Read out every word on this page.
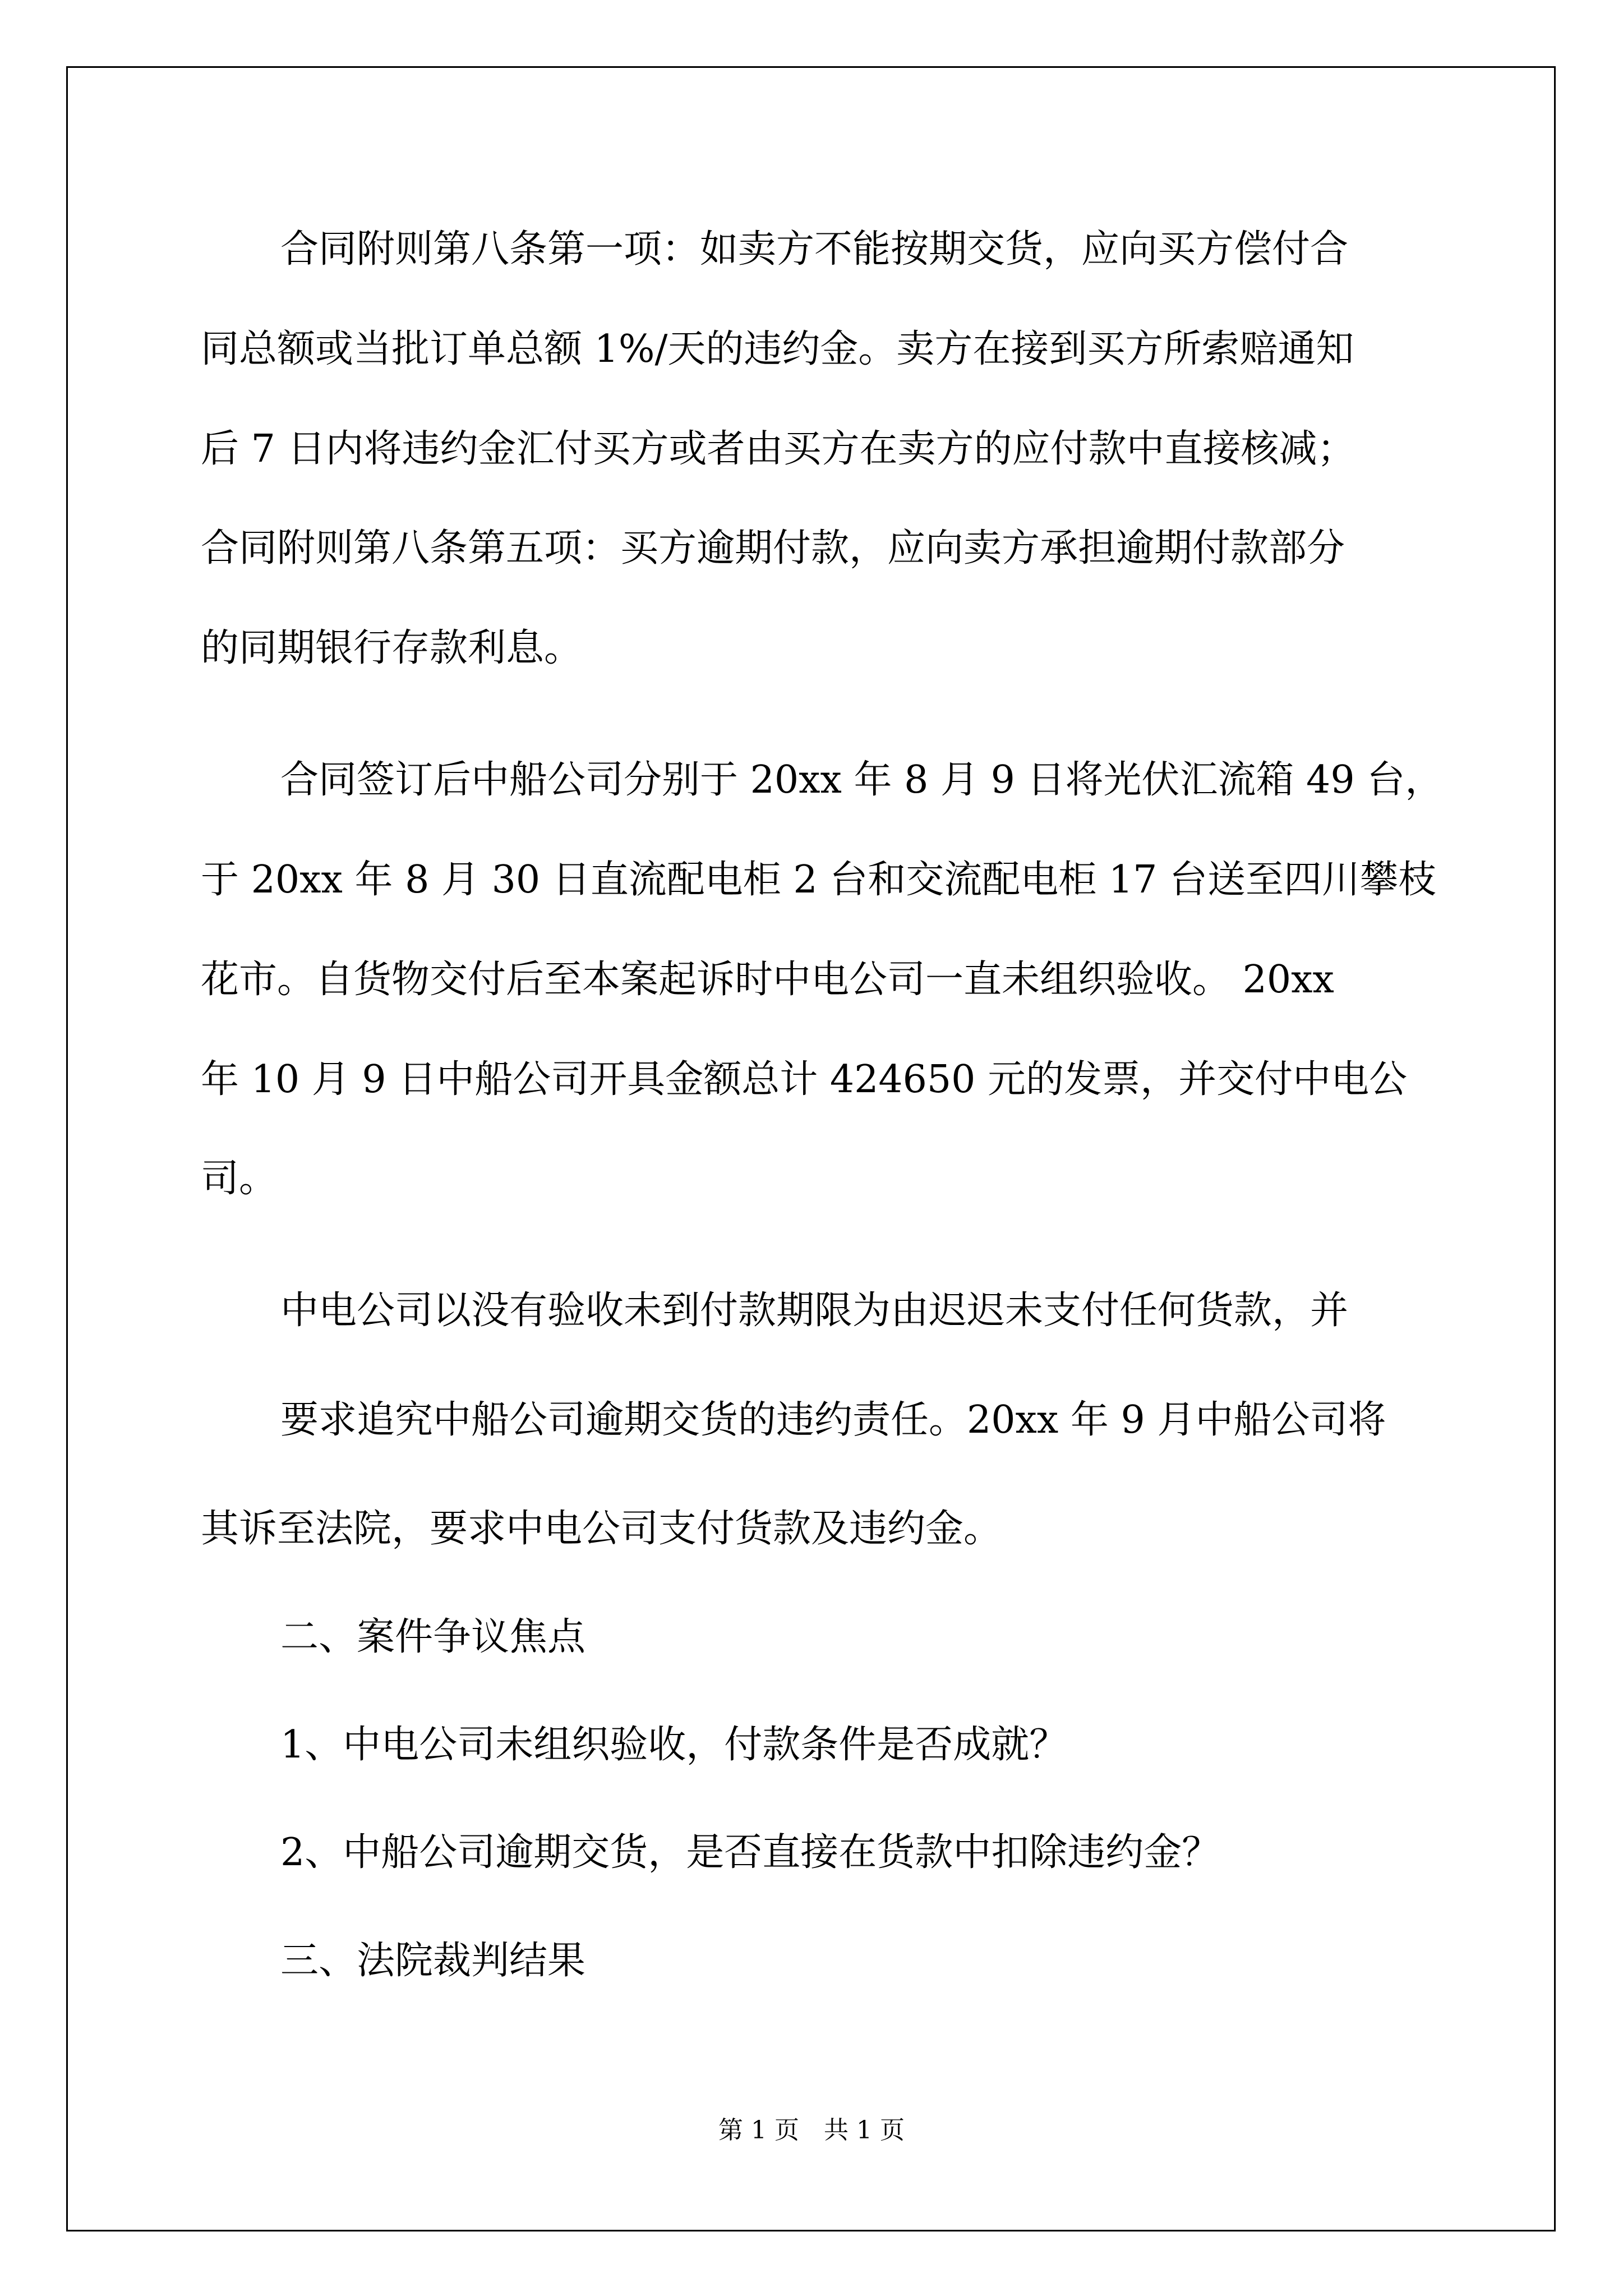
合同附则第八条第一项：如卖方不能按期交货，应向买方偿付合
同总额或当批订单总额 1%/天的违约金。卖方在接到买方所索赔通知
后 7 日内将违约金汇付买方或者由买方在卖方的应付款中直接核减；
合同附则第八条第五项：买方逾期付款，应向卖方承担逾期付款部分
的同期银行存款利息。
合同签订后中船公司分别于 20xx 年 8 月 9 日将光伏汇流箱 49 台，
于 20xx 年 8 月 30 日直流配电柜 2 台和交流配电柜 17 台送至四川攀枝
花市。自货物交付后至本案起诉时中电公司一直未组织验收。 20xx
年 10 月 9 日中船公司开具金额总计 424650 元的发票，并交付中电公
司。
中电公司以没有验收未到付款期限为由迟迟未支付任何货款，并
要求追究中船公司逾期交货的违约责任。20xx 年 9 月中船公司将
其诉至法院，要求中电公司支付货款及违约金。
二、案件争议焦点
1、中电公司未组织验收，付款条件是否成就？
2、中船公司逾期交货，是否直接在货款中扣除违约金？
三、法院裁判结果
第 1 页　共 1 页
